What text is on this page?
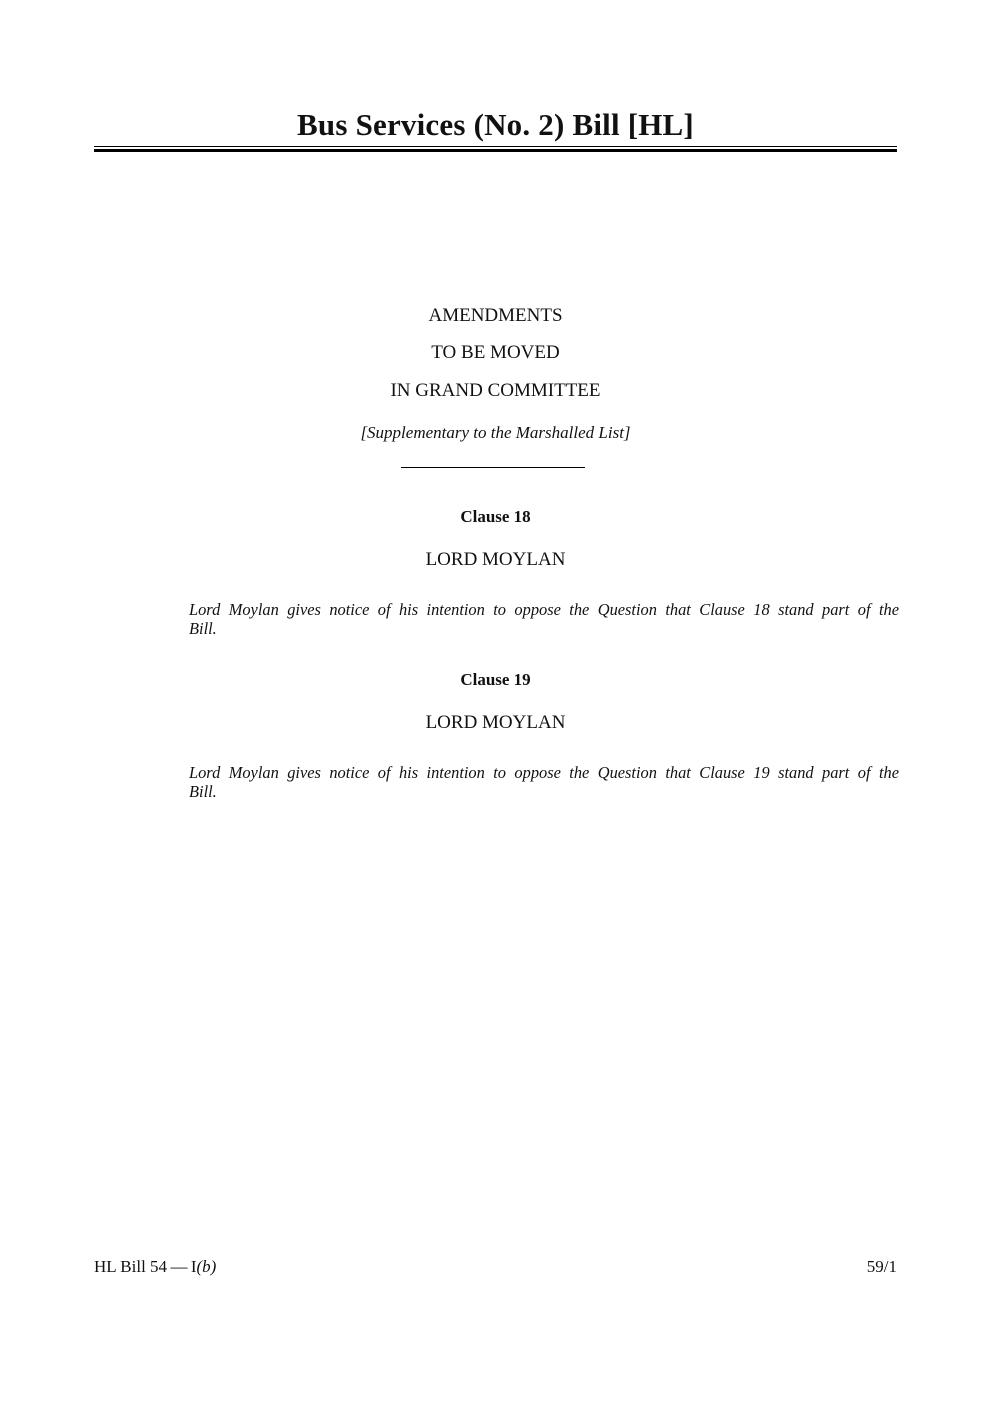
Bus Services (No. 2) Bill [HL]
AMENDMENTS
TO BE MOVED
IN GRAND COMMITTEE
[Supplementary to the Marshalled List]
Clause 18
LORD MOYLAN
Lord Moylan gives notice of his intention to oppose the Question that Clause 18 stand part of the
Bill.
Clause 19
LORD MOYLAN
Lord Moylan gives notice of his intention to oppose the Question that Clause 19 stand part of the
Bill.
HL Bill 54 — I(b)	59/1
